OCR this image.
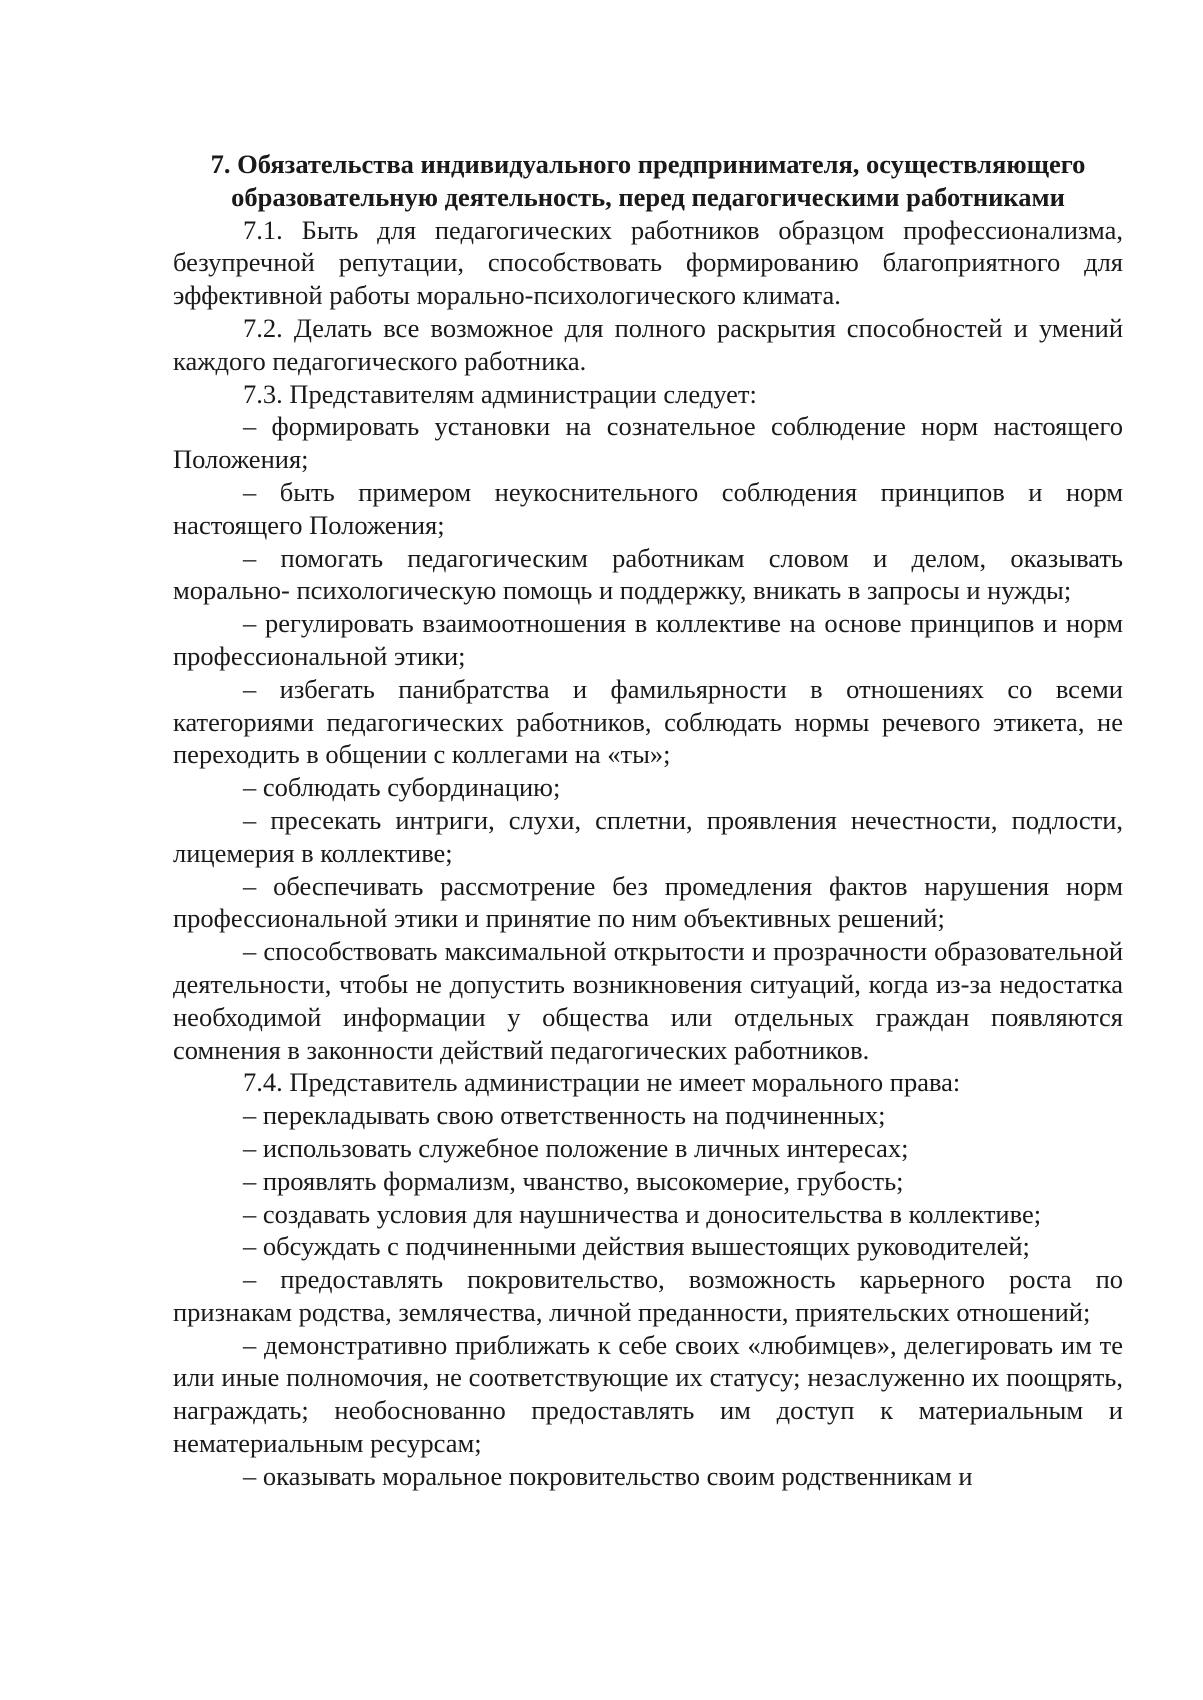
7. Обязательства индивидуального предпринимателя, осуществляющего образовательную деятельность, перед педагогическими работниками

7.1. Быть для педагогических работников образцом профессионализма, безупречной репутации, способствовать формированию благоприятного для эффективной работы морально-психологического климата.

7.2. Делать все возможное для полного раскрытия способностей и умений каждого педагогического работника.

7.3. Представителям администрации следует:

– формировать установки на сознательное соблюдение норм настоящего Положения;

– быть примером неукоснительного соблюдения принципов и норм настоящего Положения;

– помогать педагогическим работникам словом и делом, оказывать морально- психологическую помощь и поддержку, вникать в запросы и нужды;

– регулировать взаимоотношения в коллективе на основе принципов и норм профессиональной этики;

– избегать панибратства и фамильярности в отношениях со всеми категориями педагогических работников, соблюдать нормы речевого этикета, не переходить в общении с коллегами на «ты»;

– соблюдать субординацию;

– пресекать интриги, слухи, сплетни, проявления нечестности, подлости, лицемерия в коллективе;

– обеспечивать рассмотрение без промедления фактов нарушения норм профессиональной этики и принятие по ним объективных решений;

– способствовать максимальной открытости и прозрачности образовательной деятельности, чтобы не допустить возникновения ситуаций, когда из-за недостатка необходимой информации у общества или отдельных граждан появляются сомнения в законности действий педагогических работников.

7.4. Представитель администрации не имеет морального права:

– перекладывать свою ответственность на подчиненных;

– использовать служебное положение в личных интересах;

– проявлять формализм, чванство, высокомерие, грубость;

– создавать условия для наушничества и доносительства в коллективе;

– обсуждать с подчиненными действия вышестоящих руководителей;

– предоставлять покровительство, возможность карьерного роста по признакам родства, землячества, личной преданности, приятельских отношений;

– демонстративно приближать к себе своих «любимцев», делегировать им те или иные полномочия, не соответствующие их статусу; незаслуженно их поощрять, награждать; необоснованно предоставлять им доступ к материальным и нематериальным ресурсам;

– оказывать моральное покровительство своим родственникам и
